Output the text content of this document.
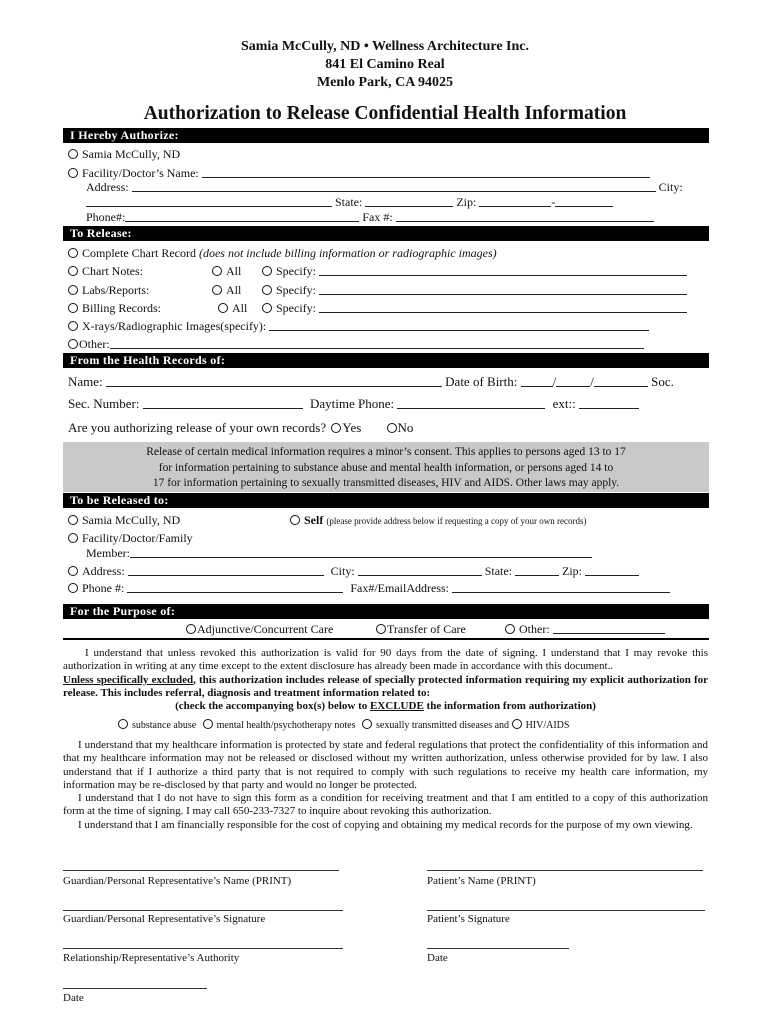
Samia McCully, ND • Wellness Architecture Inc.
841 El Camino Real
Menlo Park, CA 94025
Authorization to Release Confidential Health Information
I Hereby Authorize:
Samia McCully, ND
Facility/Doctor’s Name:
Address:	City:
State:	Zip:	-
Phone#:	Fax #:
To Release:
Complete Chart Record (does not include billing information or radiographic images)
Chart Notes:	All	Specify:
Labs/Reports:	All	Specify:
Billing Records:	All	Specify:
X-rays/Radiographic Images(specify):
Other:
From the Health Records of:
Name:	Date of Birth:	/	/	Soc.
Sec. Number:	Daytime Phone:	ext::
Are you authorizing release of your own records? Yes	No
Release of certain medical information requires a minor’s consent. This applies to persons aged 13 to 17
for information pertaining to substance abuse and mental health information, or persons aged 14 to
17 for information pertaining to sexually transmitted diseases, HIV and AIDS. Other laws may apply.
To be Released to:
Samia McCully, ND	Self (please provide address below if requesting a copy of your own records)
Facility/Doctor/Family
Member:
Address:	City:	State:	Zip:
Phone #:	Fax#/EmailAddress:
For the Purpose of:
Adjunctive/Concurrent Care	Transfer of Care	Other:

I understand that unless revoked this authorization is valid for 90 days from the date of signing. I understand that I may revoke this authorization in writing at any time except to the extent disclosure has already been made in accordance with this document..

Unless specifically excluded, this authorization includes release of specially protected information requiring my explicit authorization for release. This includes referral, diagnosis and treatment information related to:

(check the accompanying box(s) below to EXCLUDE the information from authorization)

substance abuse mental health/psychotherapy notes sexually transmitted diseases and HIV/AIDS

I understand that my healthcare information is protected by state and federal regulations that protect the confidentiality of this information and that my healthcare information may not be released or disclosed without my written authorization, unless otherwise provided for by law. I also understand that if I authorize a third party that is not required to comply with such regulations to receive my health care information, my information may be re-disclosed by that party and would no longer be protected.

I understand that I do not have to sign this form as a condition for receiving treatment and that I am entitled to a copy of this authorization form at the time of signing. I may call 650-233-7327 to inquire about revoking this authorization.

I understand that I am financially responsible for the cost of copying and obtaining my medical records for the purpose of my own viewing.

Guardian/Personal Representative’s Name (PRINT)	Patient’s Name (PRINT)
Guardian/Personal Representative’s Signature	Patient’s Signature
Relationship/Representative’s Authority	Date
Date
